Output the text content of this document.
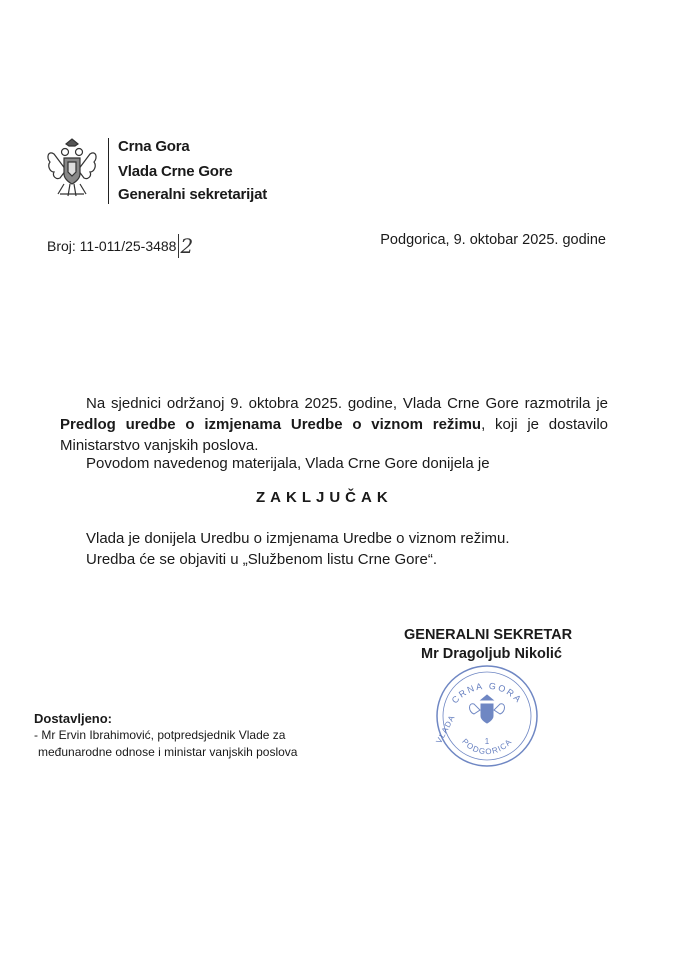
Crna Gora
Vlada Crne Gore
Generalni sekretarijat
Broj: 11-011/25-3488 2	Podgorica, 9. oktobar 2025. godine
Na sjednici održanoj 9. oktobra 2025. godine, Vlada Crne Gore razmotrila je Predlog uredbe o izmjenama Uredbe o viznom režimu, koji je dostavilo Ministarstvo vanjskih poslova.
Povodom navedenog materijala, Vlada Crne Gore donijela je
ZAKLJUČAK
Vlada je donijela Uredbu o izmjenama Uredbe o viznom režimu.
Uredba će se objaviti u „Službenom listu Crne Gore“.
GENERALNI SEKRETAR
Mr Dragoljub Nikolić
CRNA GORA
VLADA	1
PODGORICA
Dostavljeno:
- Mr Ervin Ibrahimović, potpredsjednik Vlade za
međunarodne odnose i ministar vanjskih poslova
